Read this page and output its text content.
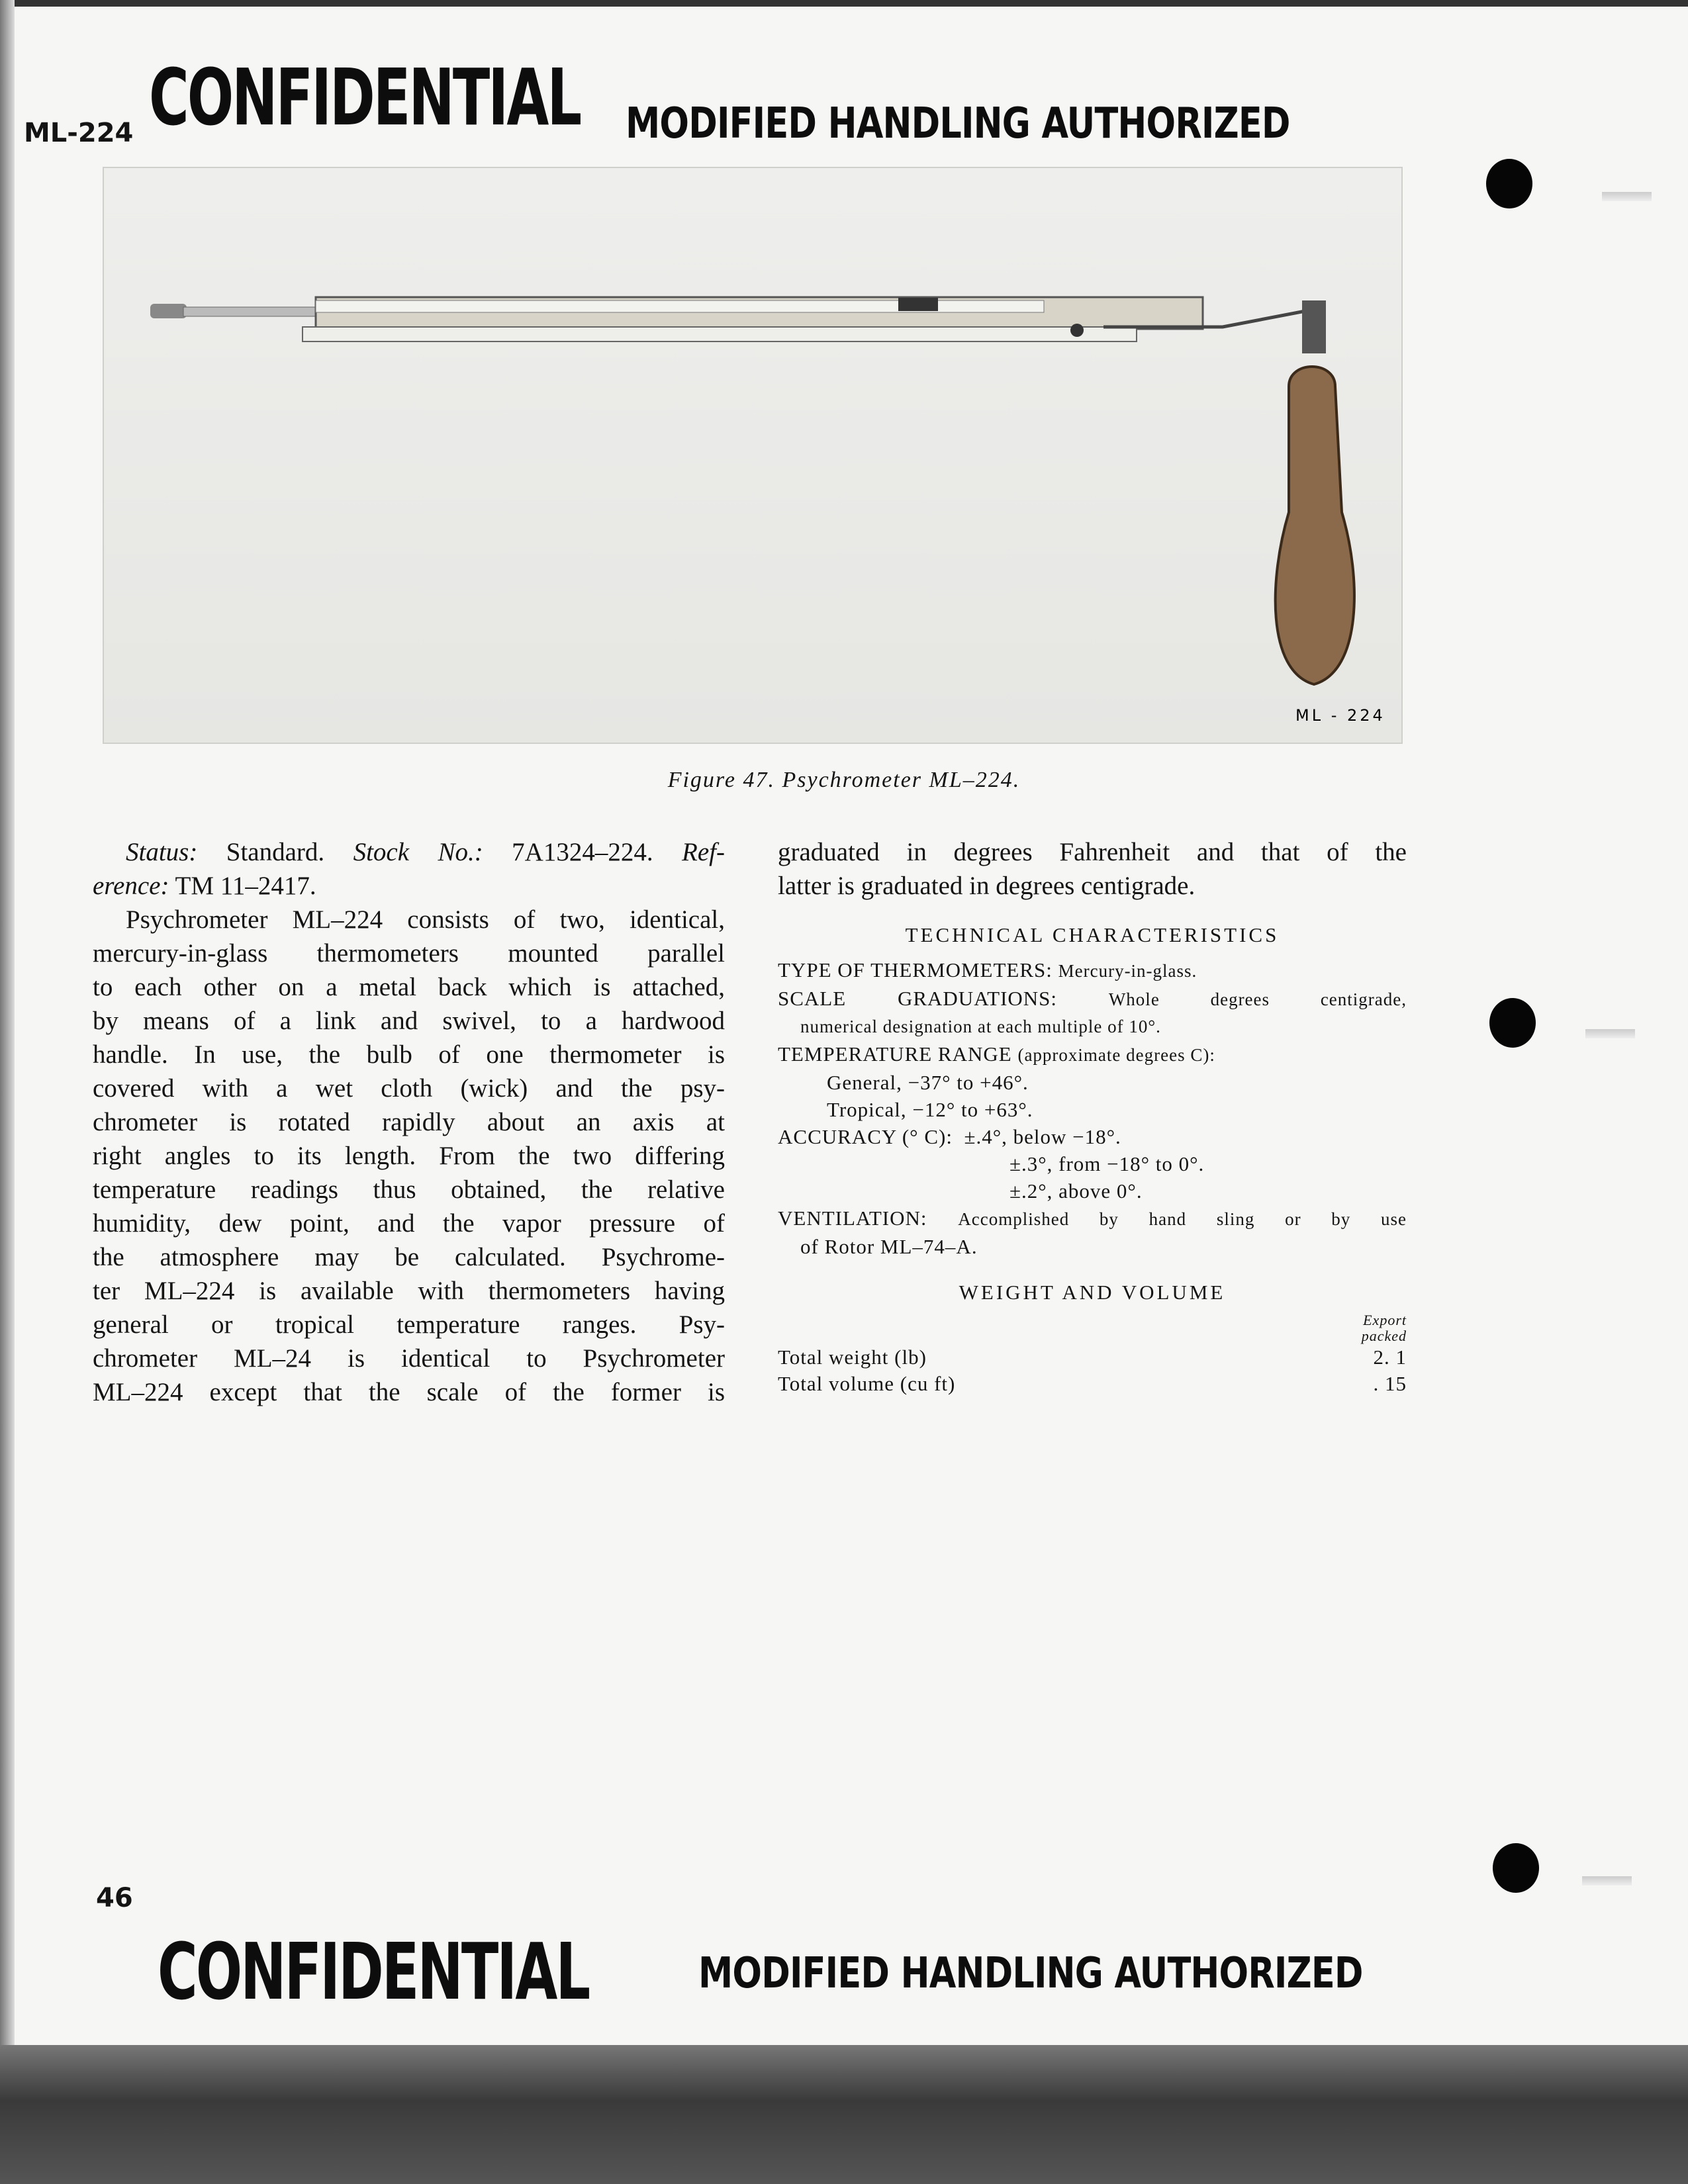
ML-224 CONFIDENTIAL MODIFIED HANDLING AUTHORIZED
ML - 224
Figure 47. Psychrometer ML–224.
Status: Standard. Stock No.: 7A1324–224. Ref-
erence: TM 11–2417.
Psychrometer ML–224 consists of two, identical,
mercury-in-glass thermometers mounted parallel
to each other on a metal back which is attached,
by means of a link and swivel, to a hardwood
handle. In use, the bulb of one thermometer is
covered with a wet cloth (wick) and the psy-
chrometer is rotated rapidly about an axis at
right angles to its length. From the two differing
temperature readings thus obtained, the relative
humidity, dew point, and the vapor pressure of
the atmosphere may be calculated. Psychrome-
ter ML–224 is available with thermometers having
general or tropical temperature ranges. Psy-
chrometer ML–24 is identical to Psychrometer
ML–224 except that the scale of the former is
graduated in degrees Fahrenheit and that of the
latter is graduated in degrees centigrade.
TECHNICAL CHARACTERISTICS
TYPE OF THERMOMETERS: Mercury-in-glass.
SCALE GRADUATIONS:	Whole degrees centigrade,
numerical designation at each multiple of 10°.
TEMPERATURE RANGE (approximate degrees C):
General, −37° to +46°.
Tropical, −12° to +63°.
ACCURACY (° C): ±.4°, below −18°.
±.3°, from −18° to 0°.
±.2°, above 0°.
VENTILATION: Accomplished by hand sling or by use
of Rotor ML–74–A.
WEIGHT AND VOLUME
Export
packed
Total weight (lb)	2. 1
Total volume (cu ft)	. 15
46
CONFIDENTIAL	MODIFIED HANDLING AUTHORIZED
